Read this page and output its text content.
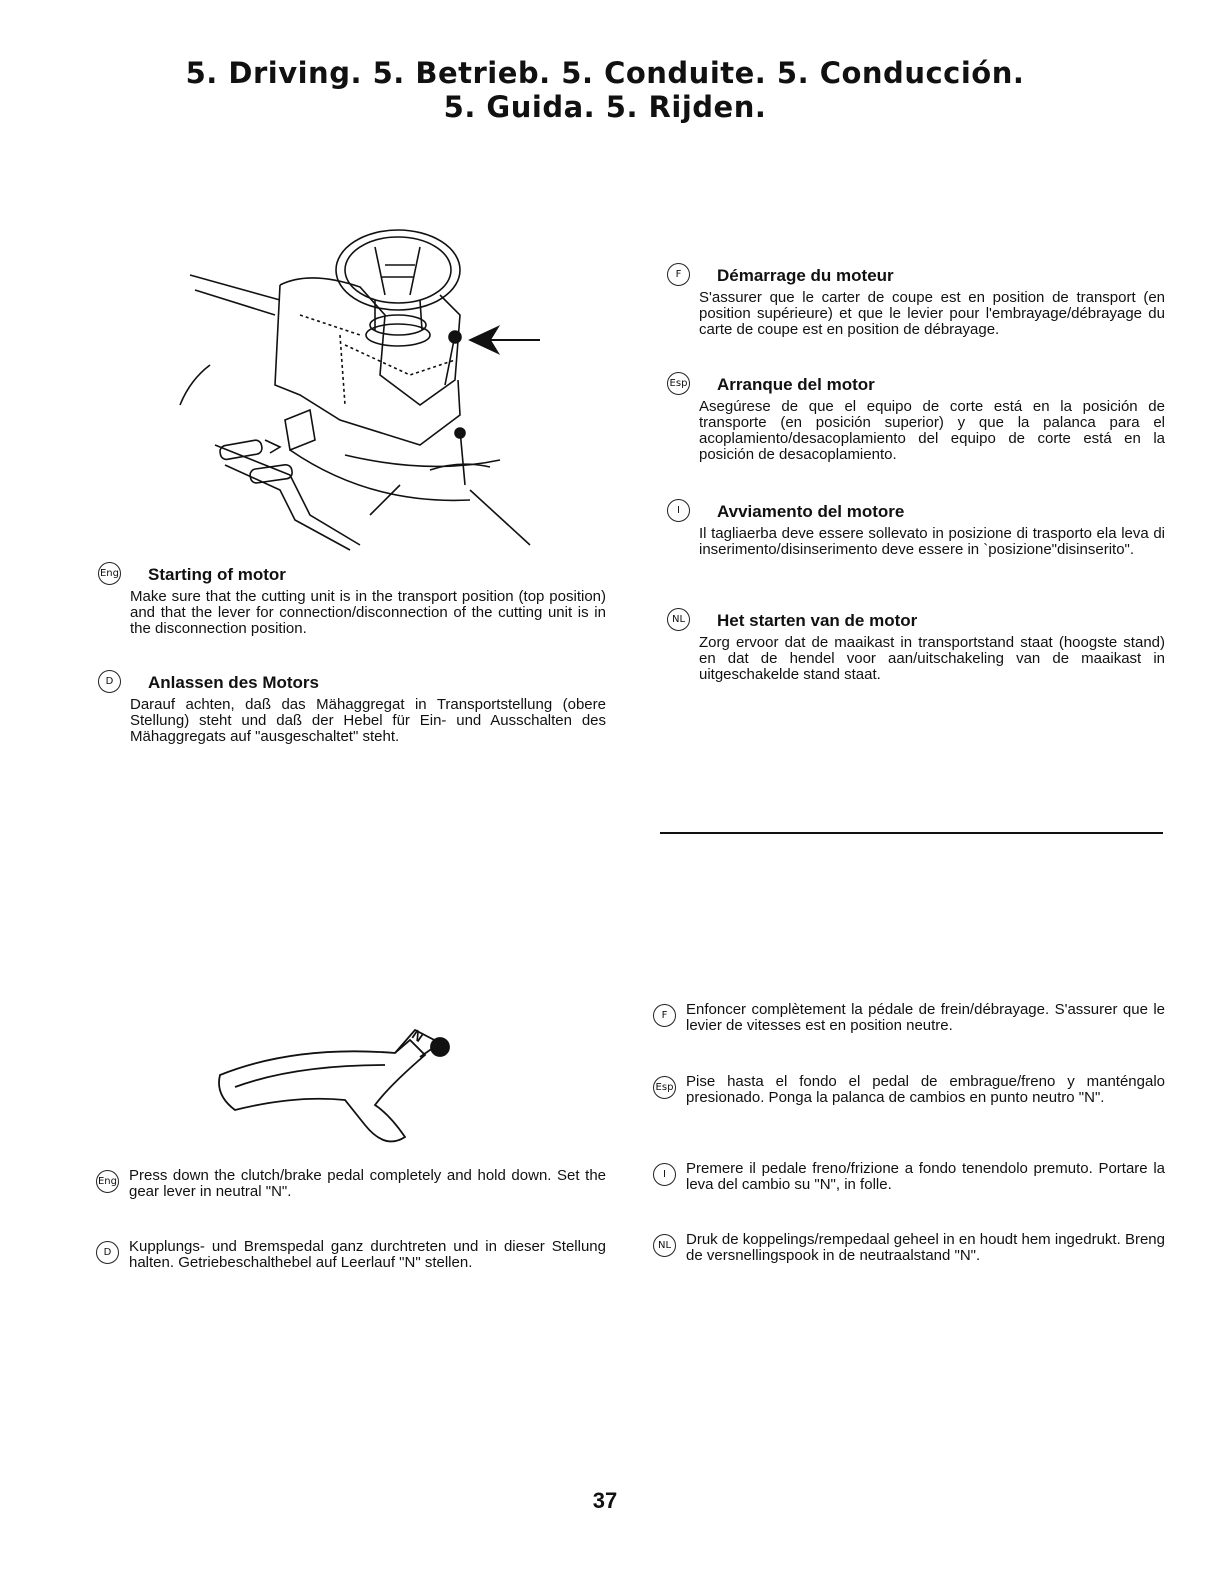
5. Driving. 5. Betrieb. 5. Conduite. 5. Conducción.
5. Guida. 5. Rijden.
Eng Starting of motor

Make sure that the cutting unit is in the transport position (top position) and that the lever for connection/disconnection of the cutting unit is in the disconnection position.

D	Anlassen des Motors

Darauf achten, daß das Mähaggregat in Transportstellung (obere Stellung) steht und daß der Hebel für Ein- und Ausschalten des Mähaggregats auf "ausgeschaltet" steht.

F	Démarrage du moteur

S'assurer que le carter de coupe est en position de transport (en position supérieure) et que le levier pour l'embrayage/débrayage du carte de coupe est en position de débrayage.

Esp Arranque del motor

Asegúrese de que el equipo de corte está en la posición de transporte (en posición superior) y que la palanca para el acoplamiento/desacoplamiento del equipo de corte está en la posición de desacoplamiento.

I	Avviamento del motore

Il tagliaerba deve essere sollevato in posizione di trasporto ela leva di inserimento/disinserimento deve essere in `posizione"disinserito".

NL Het starten van de motor

Zorg ervoor dat de maaikast in transportstand staat (hoogste stand) en dat de hendel voor aan/uitschakeling van de maaikast in uitgeschakelde stand staat.

N
Eng Press down the clutch/brake pedal completely and hold down. Set the gear lever in neutral "N".

D	Kupplungs- und Bremspedal ganz durchtreten und in dieser Stellung halten. Getriebeschalthebel auf Leerlauf "N" stellen.

F	Enfoncer complètement la pédale de frein/débrayage. S'assurer que le levier de vitesses est en position neutre.

Esp Pise hasta el fondo el pedal de embrague/freno y manténgalo presionado. Ponga la palanca de cambios en punto neutro "N".

I	Premere il pedale freno/frizione a fondo tenendolo premuto. Portare la leva del cambio su "N", in folle.

NL Druk de koppelings/rempedaal geheel in en houdt hem ingedrukt. Breng de versnellingspook in de neutraalstand "N".

37
